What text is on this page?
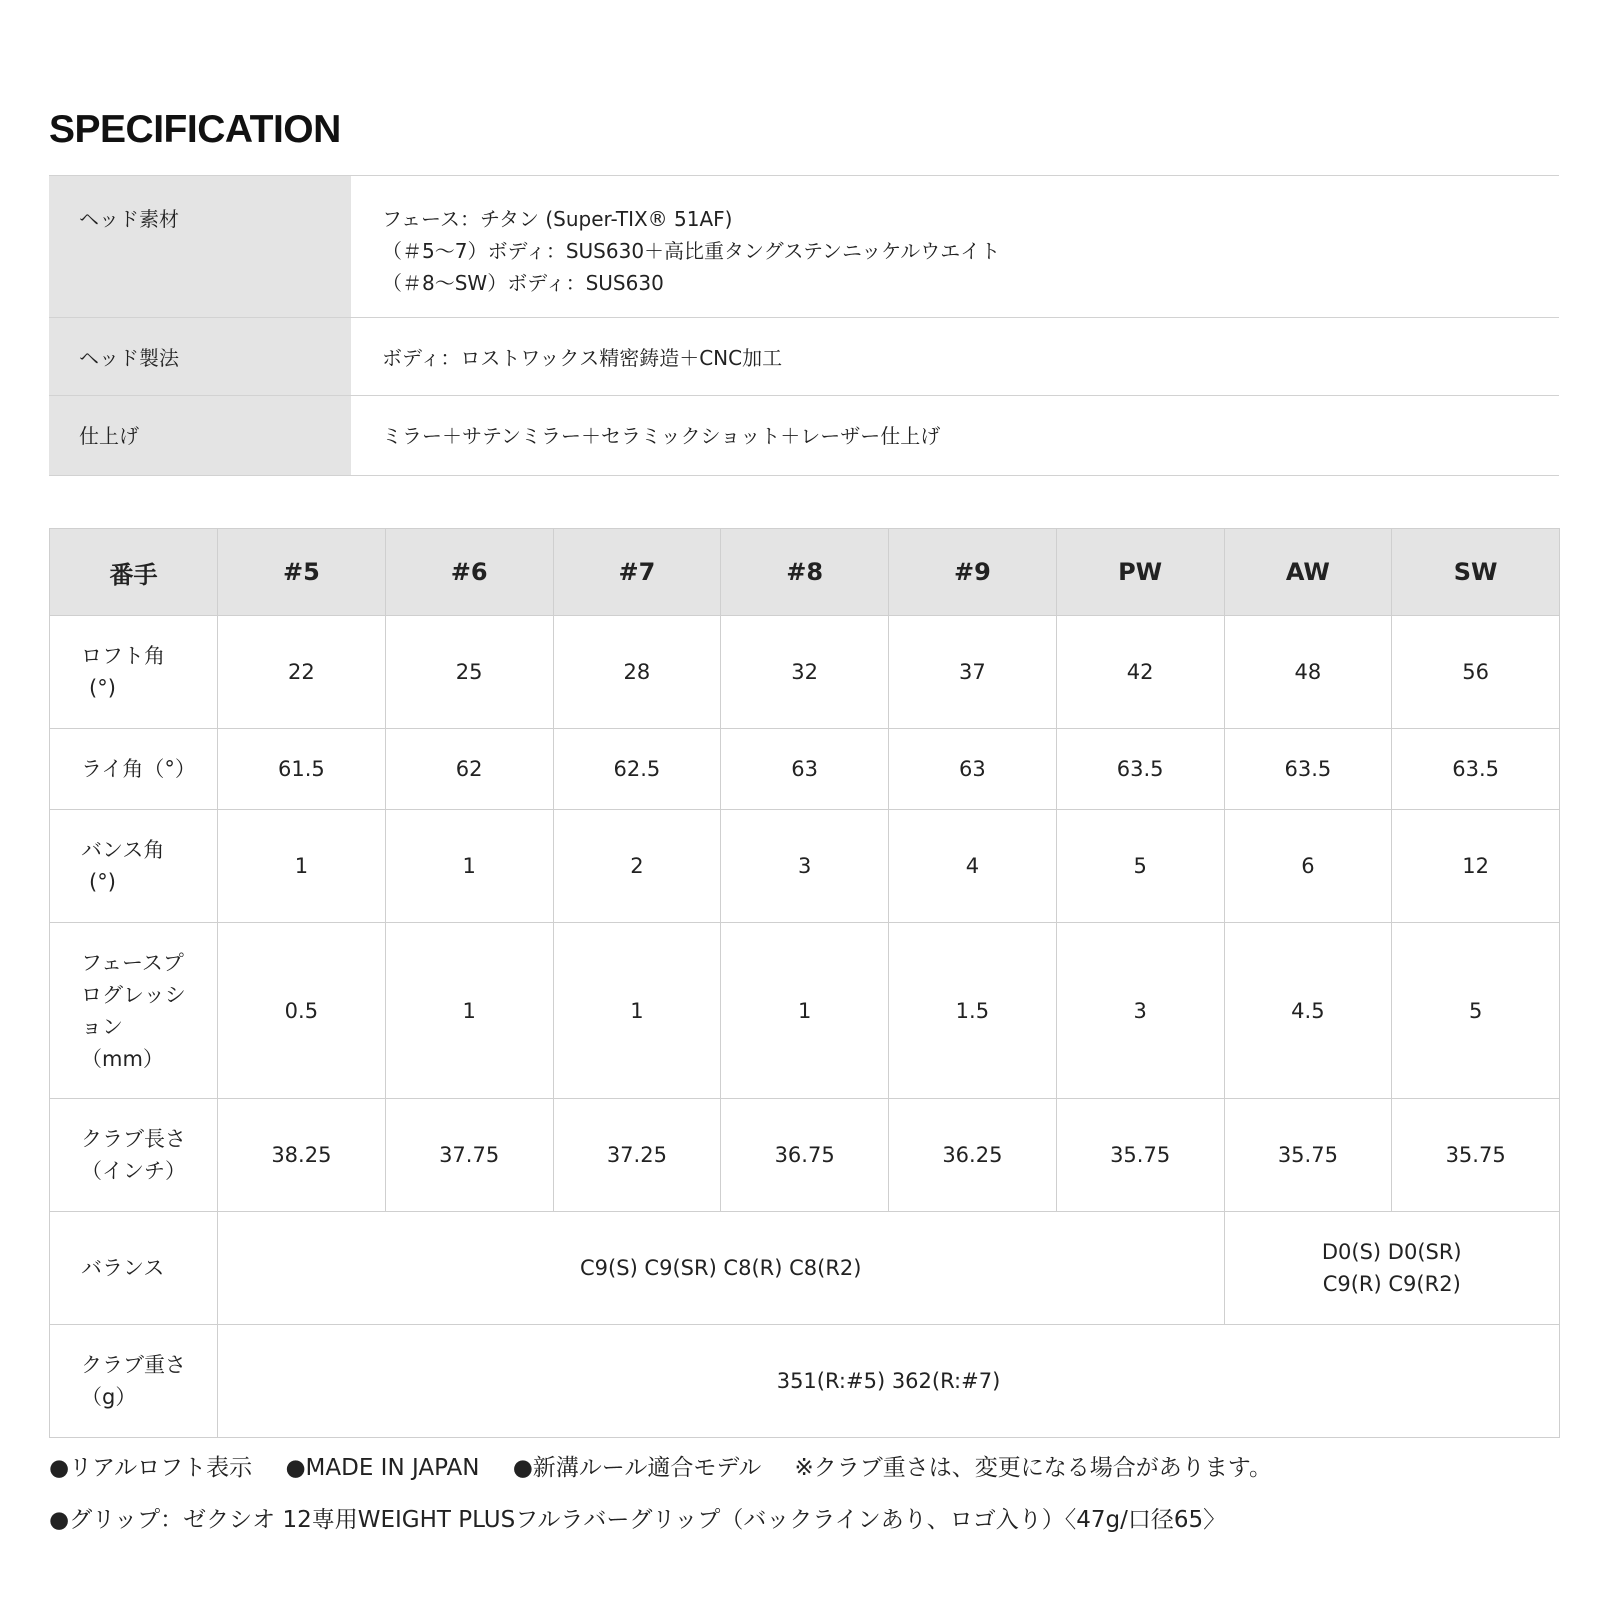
SPECIFICATION
ヘッド素材	フェース：チタン (Super-TIX® 51AF)
（＃5〜7）ボディ：SUS630＋高比重タングステンニッケルウエイト
（＃8〜SW）ボディ：SUS630

ヘッド製法	ボディ：ロストワックス精密鋳造＋CNC加工

仕上げ	ミラー＋サテンミラー＋セラミックショット＋レーザー仕上げ
番手	#5	#6	#7	#8	#9	PW	AW	SW

ロフト角
(°)	22	25	28	32	37	42	48	56

ライ角（°）	61.5	62	62.5	63	63	63.5	63.5	63.5

バンス角
(°)	1	1	2	3	4	5	6	12

フェースプ
ログレッシ
ョン
（mm）	0.5	1	1	1	1.5	3	4.5	5

クラブ長さ
（インチ）	38.25	37.75	37.25	36.75	36.25	35.75	35.75	35.75

バランス	C9(S) C9(SR) C8(R) C8(R2)						D0(S) D0(SR)
C9(R) C9(R2)	

クラブ重さ
（g）	351(R:#5) 362(R:#7)							
●リアルロフト表示 ●MADE IN JAPAN ●新溝ルール適合モデル ※クラブ重さは、変更になる場合があります。
●グリップ：ゼクシオ 12専用WEIGHT PLUSフルラバーグリップ（バックラインあり、ロゴ入り）〈47g/口径65〉
